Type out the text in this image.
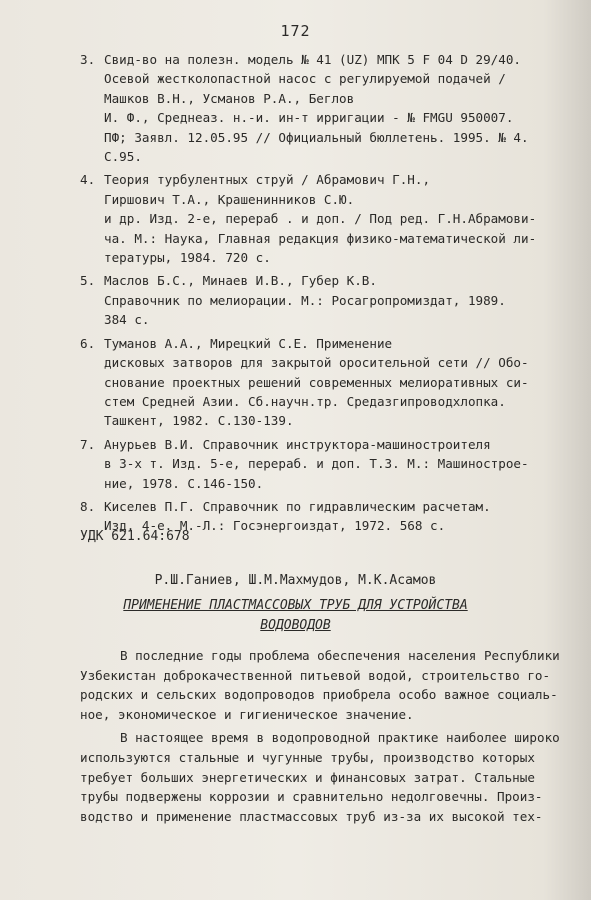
172
3. Свид-во на полезн. модель № 41 (UZ) МПК 5 F 04 D 29/40.
Осевой жестколопастной насос с регулируемой подачей /
Машков В.Н., Усманов Р.А., Беглов
И. Ф., Среднеаз. н.-и. ин-т ирригации - № FMGU 950007.
ПФ; Заявл. 12.05.95 // Официальный бюллетень. 1995. № 4.
С.95.
4. Теория турбулентных струй / Абрамович Г.Н.,
Гиршович Т.А., Крашенинников С.Ю.
и др. Изд. 2-е, перераб . и доп. / Под ред. Г.Н.Абрамови-
ча. М.: Наука, Главная редакция физико-математической ли-
тературы, 1984. 720 с.
5. Маслов Б.С., Минаев И.В., Губер К.В.
Справочник по мелиорации. М.: Росагропромиздат, 1989.
384 с.
6. Туманов А.А., Мирецкий С.Е. Применение
дисковых затворов для закрытой оросительной сети // Обо-
снование проектных решений современных мелиоративных си-
стем Средней Азии. Сб.научн.тр. Средазгипроводхлопка.
Ташкент, 1982. С.130-139.
7. Анурьев В.И. Справочник инструктора-машиностроителя
в 3-х т. Изд. 5-е, перераб. и доп. Т.3. М.: Машинострое-
ние, 1978. С.146-150.
8. Киселев П.Г. Справочник по гидравлическим расчетам.
Изд. 4-е. М.-Л.: Госэнергоиздат, 1972. 568 с.
УДК 621.64:678
Р.Ш.Ганиев, Ш.М.Махмудов, М.К.Асамов
ПРИМЕНЕНИЕ ПЛАСТМАССОВЫХ ТРУБ ДЛЯ УСТРОЙСТВА
ВОДОВОДОВ
В последние годы проблема обеспечения населения Республики
Узбекистан доброкачественной питьевой водой, строительство го-
родских и сельских водопроводов приобрела особо важное социаль-
ное, экономическое и гигиеническое значение.
В настоящее время в водопроводной практике наиболее широко
используются стальные и чугунные трубы, производство которых
требует больших энергетических и финансовых затрат. Стальные
трубы подвержены коррозии и сравнительно недолговечны. Произ-
водство и применение пластмассовых труб из-за их высокой тех-
